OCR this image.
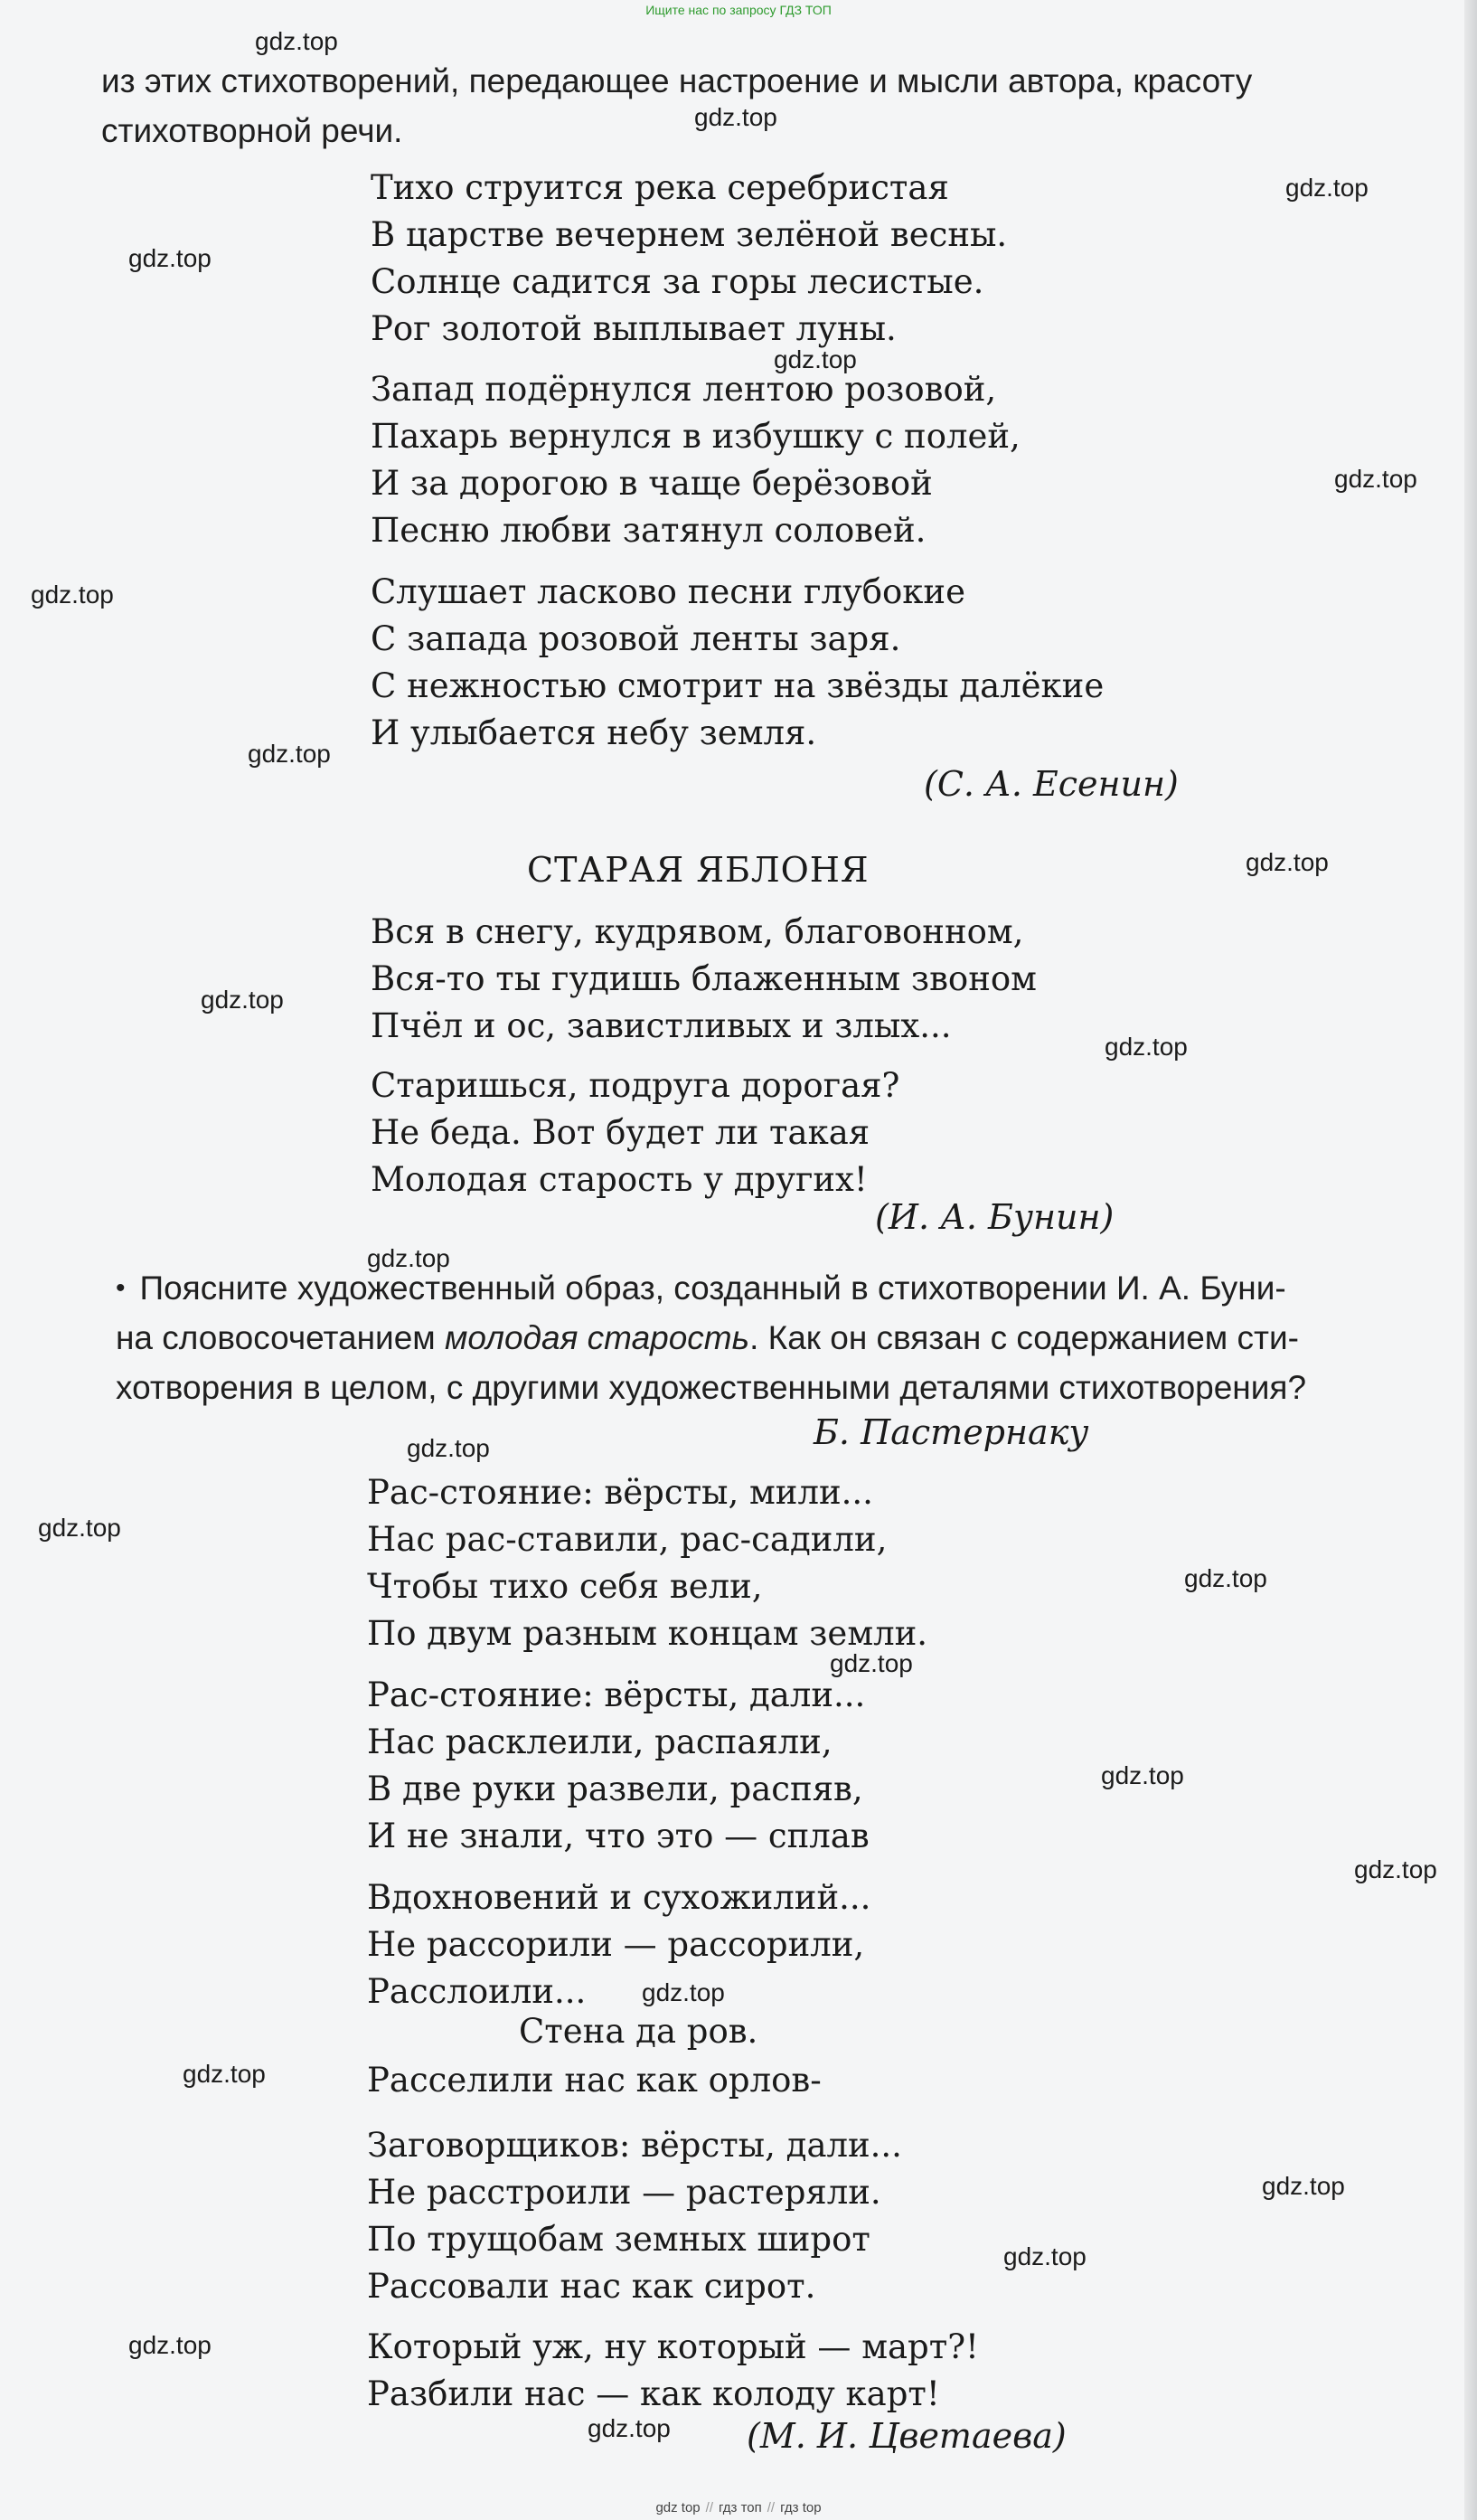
Ищите нас по запросу ГДЗ ТОП
из этих стихотворений, передающее настроение и мысли автора, красоту
стихотворной речи.
Тихо струится река серебристая
В царстве вечернем зелёной весны.
Солнце садится за горы лесистые.
Рог золотой выплывает луны.
Запад подёрнулся лентою розовой,
Пахарь вернулся в избушку с полей,
И за дорогою в чаще берёзовой
Песню любви затянул соловей.
Слушает ласково песни глубокие
С запада розовой ленты заря.
С нежностью смотрит на звёзды далёкие
И улыбается небу земля.
(С. А. Есенин)
СТАРАЯ ЯБЛОНЯ
Вся в снегу, кудрявом, благовонном,
Вся-то ты гудишь блаженным звоном
Пчёл и ос, завистливых и злых...
Старишься, подруга дорогая?
Не беда. Вот будет ли такая
Молодая старость у других!
(И. А. Бунин)
• Поясните художественный образ, созданный в стихотворении И. А. Буни-
на словосочетанием молодая старость. Как он связан с содержанием сти-
хотворения в целом, с другими художественными деталями стихотворения?
Б. Пастернаку
Рас-стояние: вёрсты, мили...
Нас рас-ставили, рас-садили,
Чтобы тихо себя вели,
По двум разным концам земли.
Рас-стояние: вёрсты, дали...
Нас расклеили, распаяли,
В две руки развели, распяв,
И не знали, что это — сплав
Вдохновений и сухожилий...
Не рассорили — рассорили,
Расслоили...
Стена да ров.
Расселили нас как орлов-
Заговорщиков: вёрсты, дали...
Не расстроили — растеряли.
По трущобам земных широт
Рассовали нас как сирот.
Который уж, ну который — март?!
Разбили нас — как колоду карт!
(М. И. Цветаева)
gdz.top
gdz.top
gdz.top
gdz.top
gdz.top
gdz.top
gdz.top
gdz.top
gdz.top
gdz.top
gdz.top
gdz.top
gdz.top
gdz.top
gdz.top
gdz.top
gdz.top
gdz.top
gdz.top
gdz.top
gdz.top
gdz.top
gdz.top
gdz.top
gdz top // гдз топ // гдз top
